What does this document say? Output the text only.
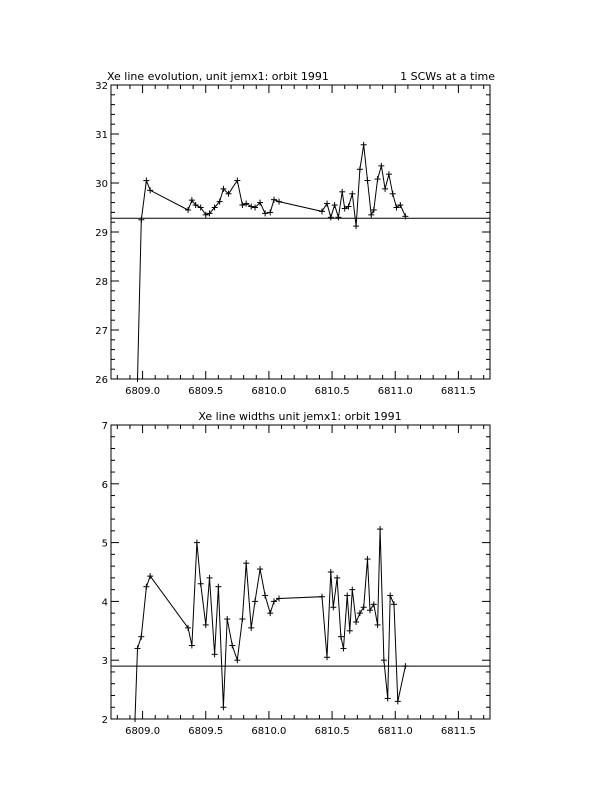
Xe line evolution, unit jemx1: orbit 1991	1 SCWs at a time
26
27
28
29
30
31
32
6809.0	6809.5	6810.0	6810.5	6811.0	6811.5
Xe line widths unit jemx1: orbit 1991
2
3
4
5
6
7
6809.0	6809.5	6810.0	6810.5	6811.0	6811.5
